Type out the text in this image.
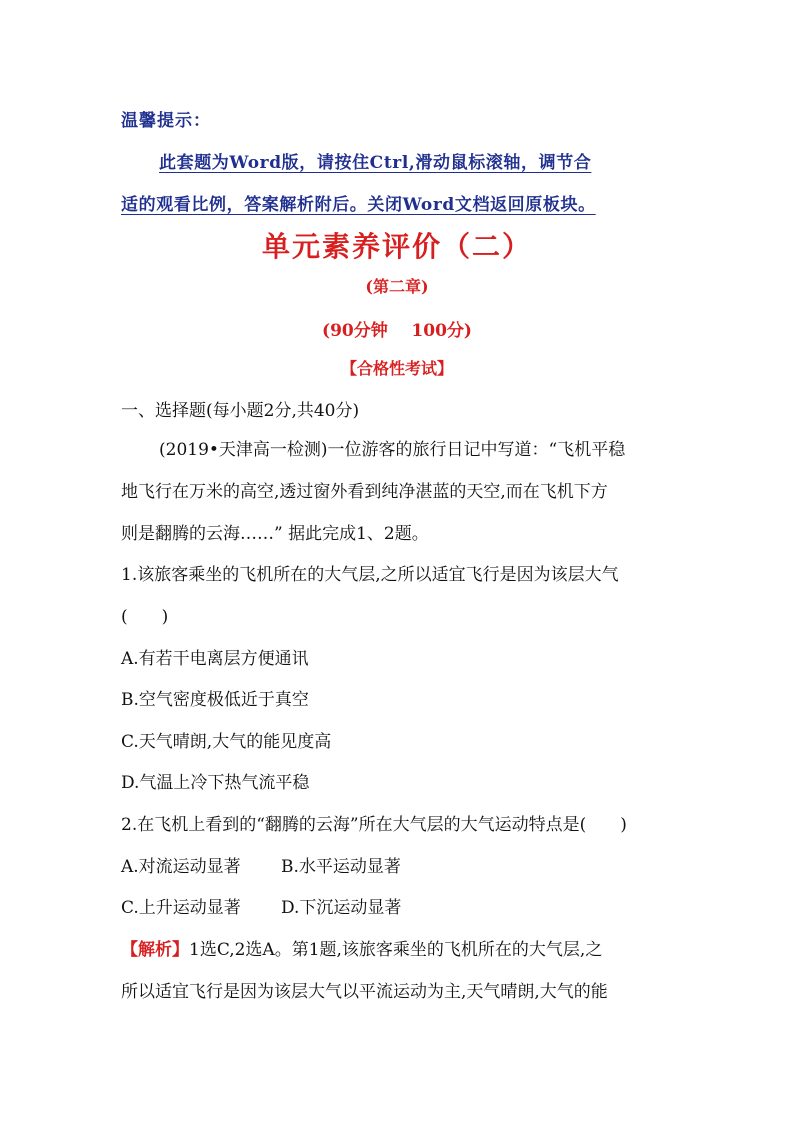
温馨提示：
此套题为Word版，请按住Ctrl,滑动鼠标滚轴，调节合
适的观看比例，答案解析附后。关闭Word文档返回原板块。
单元素养评价（二）
(第二章)
(90分钟    100分)
【合格性考试】
一、选择题(每小题2分,共40分)
(2019•天津高一检测)一位游客的旅行日记中写道：“飞机平稳
地飞行在万米的高空,透过窗外看到纯净湛蓝的天空,而在飞机下方
则是翻腾的云海……” 据此完成1、2题。
1.该旅客乘坐的飞机所在的大气层,之所以适宜飞行是因为该层大气
(　　)
A.有若干电离层方便通讯
B.空气密度极低近于真空
C.天气晴朗,大气的能见度高
D.气温上冷下热气流平稳
2.在飞机上看到的“翻腾的云海”所在大气层的大气运动特点是(　　)
A.对流运动显著 B.水平运动显著
C.上升运动显著 D.下沉运动显著
【解析】1选C,2选A。第1题,该旅客乘坐的飞机所在的大气层,之
所以适宜飞行是因为该层大气以平流运动为主,天气晴朗,大气的能
